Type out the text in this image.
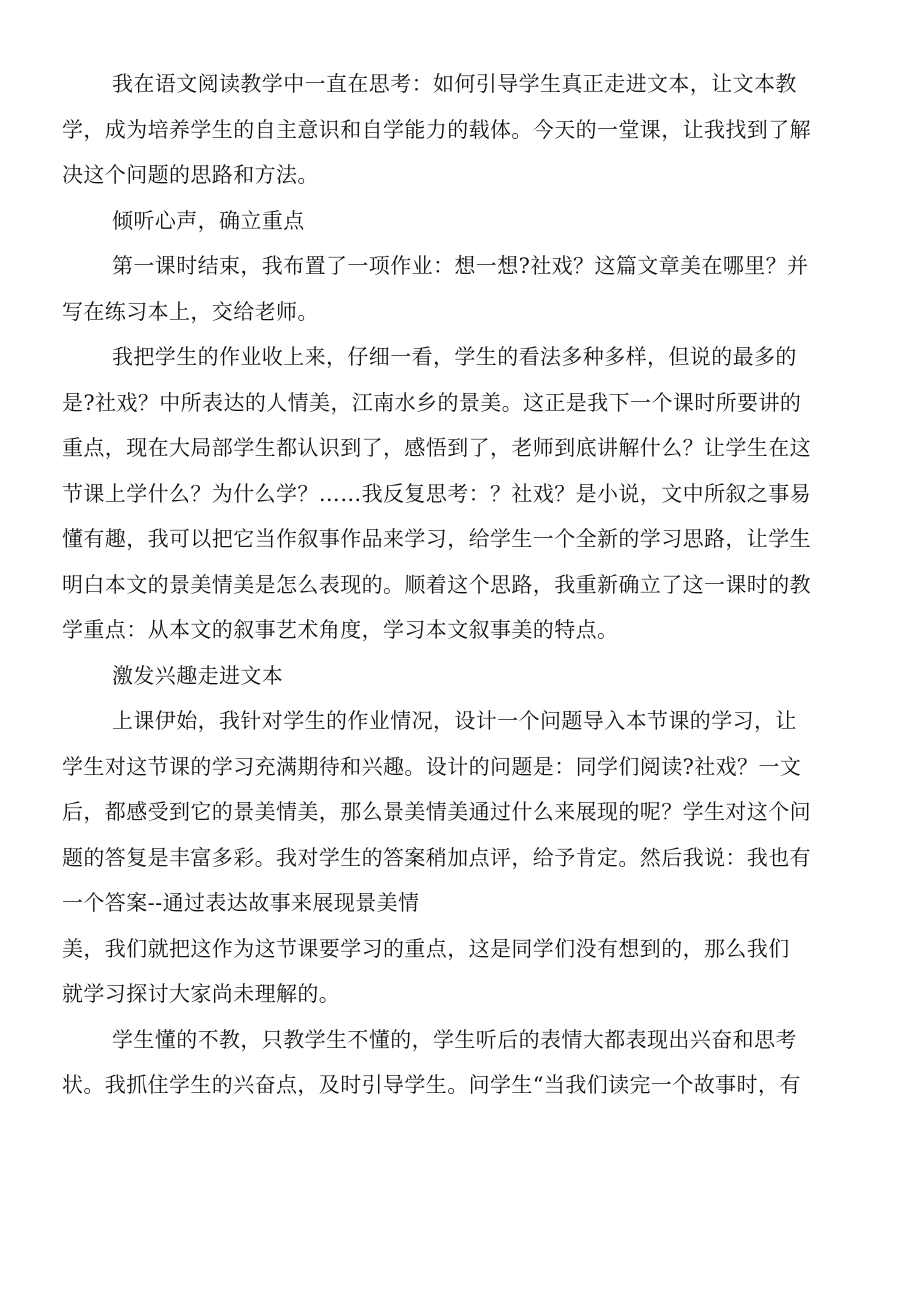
我在语文阅读教学中一直在思考：如何引导学生真正走进文本，让文本教
学，成为培养学生的自主意识和自学能力的载体。今天的一堂课，让我找到了解
决这个问题的思路和方法。
倾听心声，确立重点
第一课时结束，我布置了一项作业：想一想?社戏？这篇文章美在哪里？并
写在练习本上，交给老师。
我把学生的作业收上来，仔细一看，学生的看法多种多样，但说的最多的
是?社戏？中所表达的人情美，江南水乡的景美。这正是我下一个课时所要讲的
重点，现在大局部学生都认识到了，感悟到了，老师到底讲解什么？让学生在这
节课上学什么？为什么学？……我反复思考：？社戏？是小说，文中所叙之事易
懂有趣，我可以把它当作叙事作品来学习，给学生一个全新的学习思路，让学生
明白本文的景美情美是怎么表现的。顺着这个思路，我重新确立了这一课时的教
学重点：从本文的叙事艺术角度，学习本文叙事美的特点。
激发兴趣走进文本
上课伊始，我针对学生的作业情况，设计一个问题导入本节课的学习，让
学生对这节课的学习充满期待和兴趣。设计的问题是：同学们阅读?社戏？一文
后，都感受到它的景美情美，那么景美情美通过什么来展现的呢？学生对这个问
题的答复是丰富多彩。我对学生的答案稍加点评，给予肯定。然后我说：我也有
一个答案--通过表达故事来展现景美情
美，我们就把这作为这节课要学习的重点，这是同学们没有想到的，那么我们
就学习探讨大家尚未理解的。
学生懂的不教，只教学生不懂的，学生听后的表情大都表现出兴奋和思考
状。我抓住学生的兴奋点，及时引导学生。问学生“当我们读完一个故事时，有
